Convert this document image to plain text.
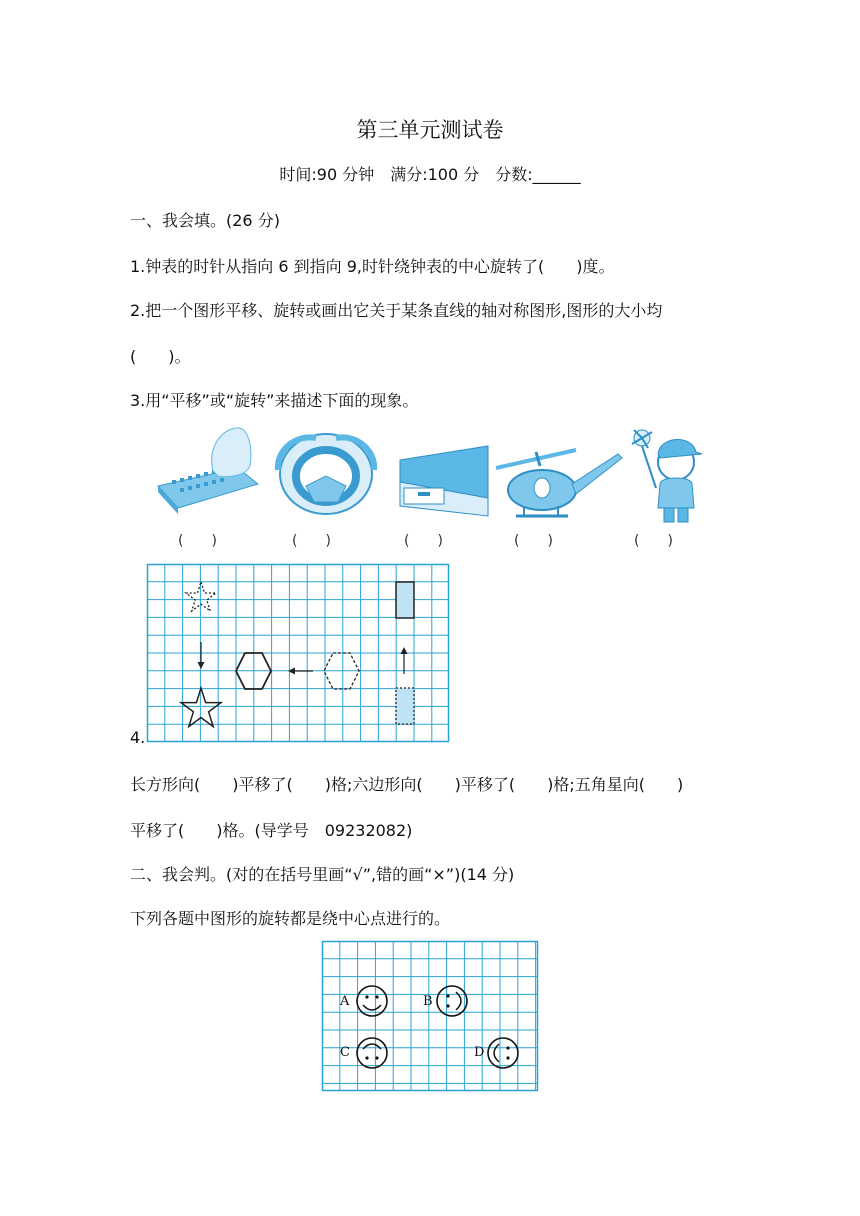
第三单元测试卷
时间:90 分钟　满分:100 分　分数:______
一、我会填。(26 分)
1.钟表的时针从指向 6 到指向 9,时针绕钟表的中心旋转了(　　)度。
2.把一个图形平移、旋转或画出它关于某条直线的轴对称图形,图形的大小均
(　　)。
3.用“平移”或“旋转”来描述下面的现象。
(　　)	(　　)	(　　)	(　　)	(　　)
4.
长方形向(　　)平移了(　　)格;六边形向(　　)平移了(　　)格;五角星向(　　)
平移了(　　)格。(导学号　09232082)
二、我会判。(对的在括号里画“√”,错的画“×”)(14 分)
下列各题中图形的旋转都是绕中心点进行的。
A	B
C	D
